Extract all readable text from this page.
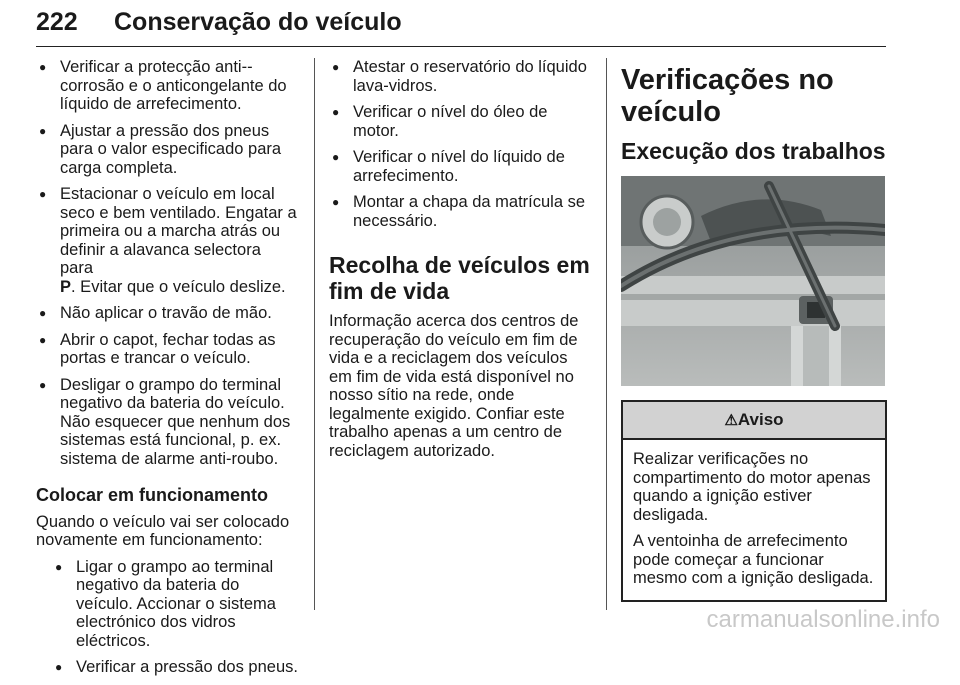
222 Conservação do veículo
● Verificar a protecção anti--corrosão e o anticongelante do líquido de arrefecimento.
● Ajustar a pressão dos pneus para o valor especificado para carga completa.
● Estacionar o veículo em local seco e bem ventilado. Engatar a primeira ou a marcha atrás ou definir a alavanca selectora para
P. Evitar que o veículo deslize.
● Não aplicar o travão de mão.
● Abrir o capot, fechar todas as portas e trancar o veículo.
● Desligar o grampo do terminal negativo da bateria do veículo. Não esquecer que nenhum dos sistemas está funcional, p. ex. sistema de alarme anti-roubo.
Colocar em funcionamento

Quando o veículo vai ser colocado novamente em funcionamento:

● Ligar o grampo ao terminal negativo da bateria do veículo. Accionar o sistema electrónico dos vidros eléctricos.
● Verificar a pressão dos pneus.
● Atestar o reservatório do líquido lava-vidros.
● Verificar o nível do óleo de motor.
● Verificar o nível do líquido de arrefecimento.
● Montar a chapa da matrícula se necessário.
Recolha de veículos em fim de vida

Informação acerca dos centros de recuperação do veículo em fim de vida e a reciclagem dos veículos em fim de vida está disponível no nosso sítio na rede, onde legalmente exigido. Confiar este trabalho apenas a um centro de reciclagem autorizado.

Verificações no veículo
Execução dos trabalhos
⚠Aviso

Realizar verificações no compartimento do motor apenas quando a ignição estiver desligada.

A ventoinha de arrefecimento pode começar a funcionar mesmo com a ignição desligada.

carmanualsonline.info
